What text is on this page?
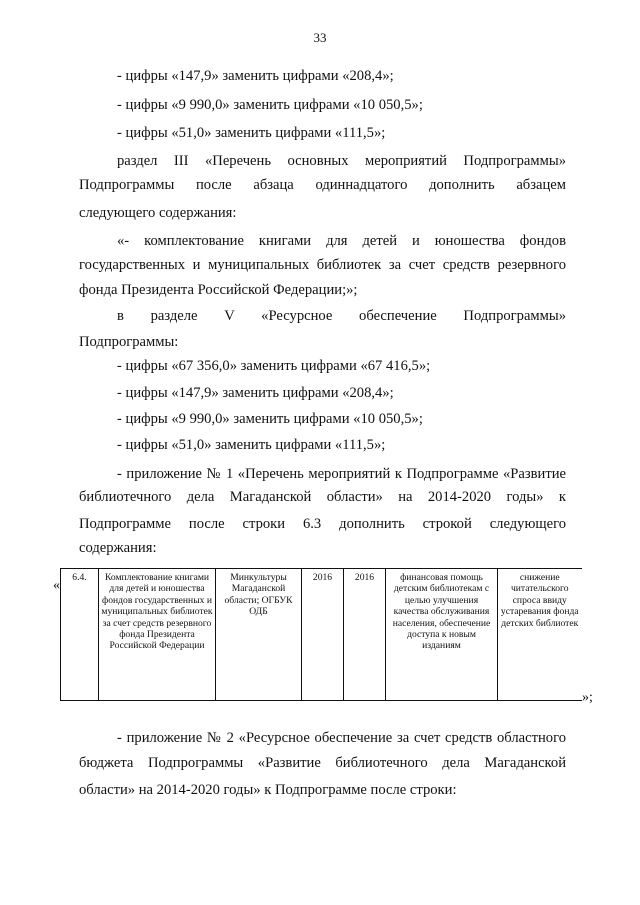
33
- цифры «147,9» заменить цифрами «208,4»;
- цифры «9 990,0» заменить цифрами «10 050,5»;
- цифры «51,0» заменить цифрами «111,5»;
раздел III «Перечень основных мероприятий Подпрограммы»
Подпрограммы после абзаца одиннадцатого дополнить абзацем
следующего содержания:
«- комплектование книгами для детей и юношества фондов
государственных и муниципальных библиотек за счет средств резервного
фонда Президента Российской Федерации;»;
в разделе V «Ресурсное обеспечение Подпрограммы»
Подпрограммы:
- цифры «67 356,0» заменить цифрами «67 416,5»;
- цифры «147,9» заменить цифрами «208,4»;
- цифры «9 990,0» заменить цифрами «10 050,5»;
- цифры «51,0» заменить цифрами «111,5»;
- приложение № 1 «Перечень мероприятий к Подпрограмме «Развитие
библиотечного дела Магаданской области» на 2014-2020 годы» к
Подпрограмме после строки 6.3 дополнить строкой следующего
содержания:
«
6.4.	Комплектование книгами для детей и юношества фондов государственных и муниципальных библиотек за счет средств резервного фонда Президента Российской Федерации	Минкультуры Магаданской области; ОГБУК ОДБ	2016	2016	финансовая помощь детским библиотекам с целью улучшения качества обслуживания населения, обеспечение доступа к новым изданиям	снижение читательского спроса ввиду устаревания фонда детских библиотек
»;
- приложение № 2 «Ресурсное обеспечение за счет средств областного
бюджета Подпрограммы «Развитие библиотечного дела Магаданской
области» на 2014-2020 годы» к Подпрограмме после строки:
